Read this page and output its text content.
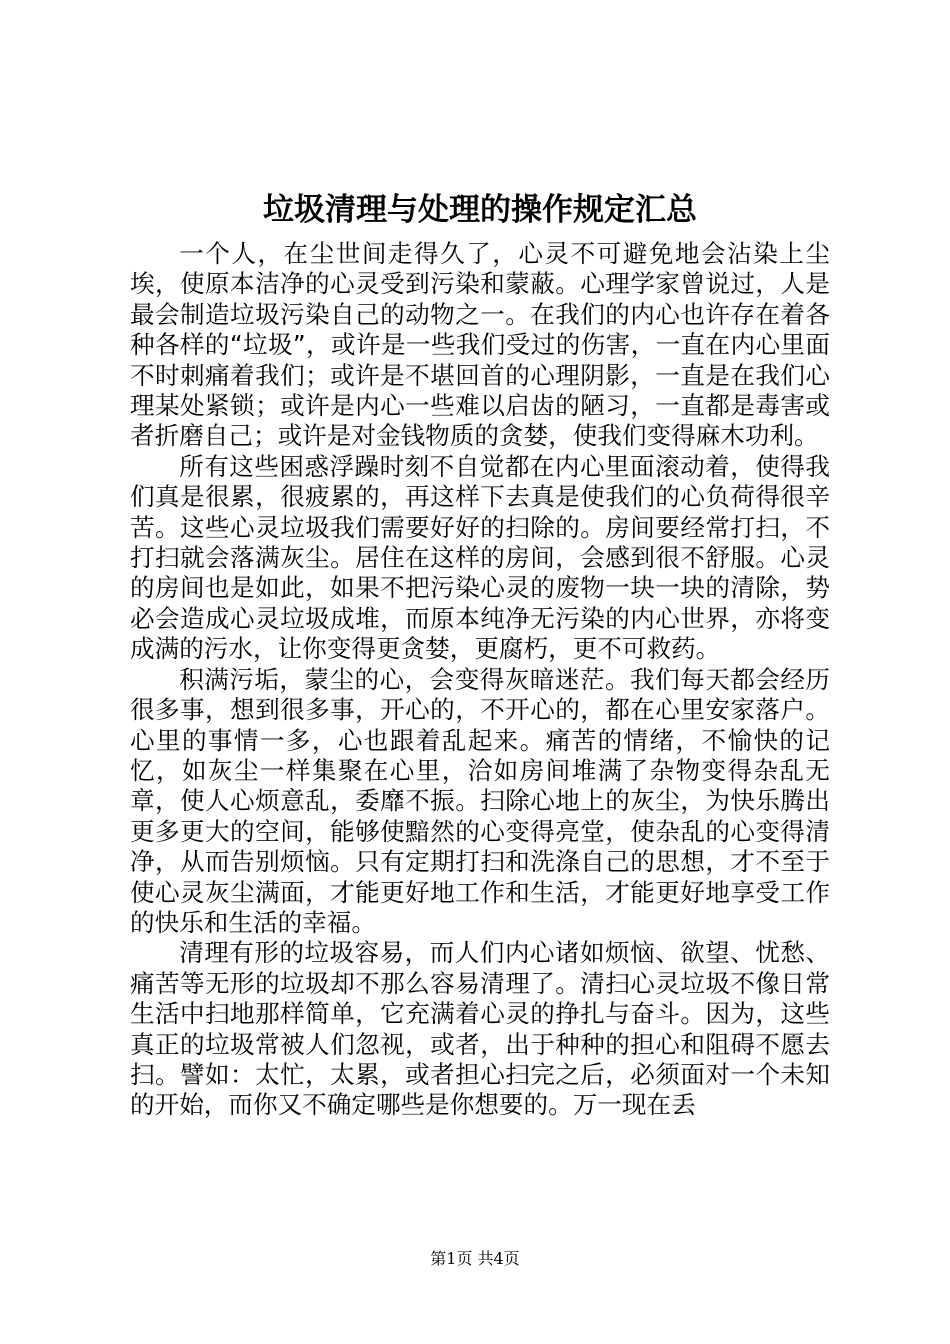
垃圾清理与处理的操作规定汇总

一个人，在尘世间走得久了，心灵不可避免地会沾染上尘埃，使原本洁净的心灵受到污染和蒙蔽。心理学家曾说过，人是最会制造垃圾污染自己的动物之一。在我们的内心也许存在着各种各样的“垃圾”，或许是一些我们受过的伤害，一直在内心里面不时刺痛着我们；或许是不堪回首的心理阴影，一直是在我们心理某处紧锁；或许是内心一些难以启齿的陋习，一直都是毒害或者折磨自己；或许是对金钱物质的贪婪，使我们变得麻木功利。

所有这些困惑浮躁时刻不自觉都在内心里面滚动着，使得我们真是很累，很疲累的，再这样下去真是使我们的心负荷得很辛苦。这些心灵垃圾我们需要好好的扫除的。房间要经常打扫，不打扫就会落满灰尘。居住在这样的房间，会感到很不舒服。心灵的房间也是如此，如果不把污染心灵的废物一块一块的清除，势必会造成心灵垃圾成堆，而原本纯净无污染的内心世界，亦将变成满的污水，让你变得更贪婪，更腐朽，更不可救药。

积满污垢，蒙尘的心，会变得灰暗迷茫。我们每天都会经历很多事，想到很多事，开心的，不开心的，都在心里安家落户。心里的事情一多，心也跟着乱起来。痛苦的情绪，不愉快的记忆，如灰尘一样集聚在心里，洽如房间堆满了杂物变得杂乱无章，使人心烦意乱，委靡不振。扫除心地上的灰尘，为快乐腾出更多更大的空间，能够使黯然的心变得亮堂，使杂乱的心变得清净，从而告别烦恼。只有定期打扫和洗涤自己的思想，才不至于使心灵灰尘满面，才能更好地工作和生活，才能更好地享受工作的快乐和生活的幸福。

清理有形的垃圾容易，而人们内心诸如烦恼、欲望、忧愁、痛苦等无形的垃圾却不那么容易清理了。清扫心灵垃圾不像日常生活中扫地那样简单，它充满着心灵的挣扎与奋斗。因为，这些真正的垃圾常被人们忽视，或者，出于种种的担心和阻碍不愿去扫。譬如：太忙，太累，或者担心扫完之后，必须面对一个未知的开始，而你又不确定哪些是你想要的。万一现在丢

第1页 共4页
